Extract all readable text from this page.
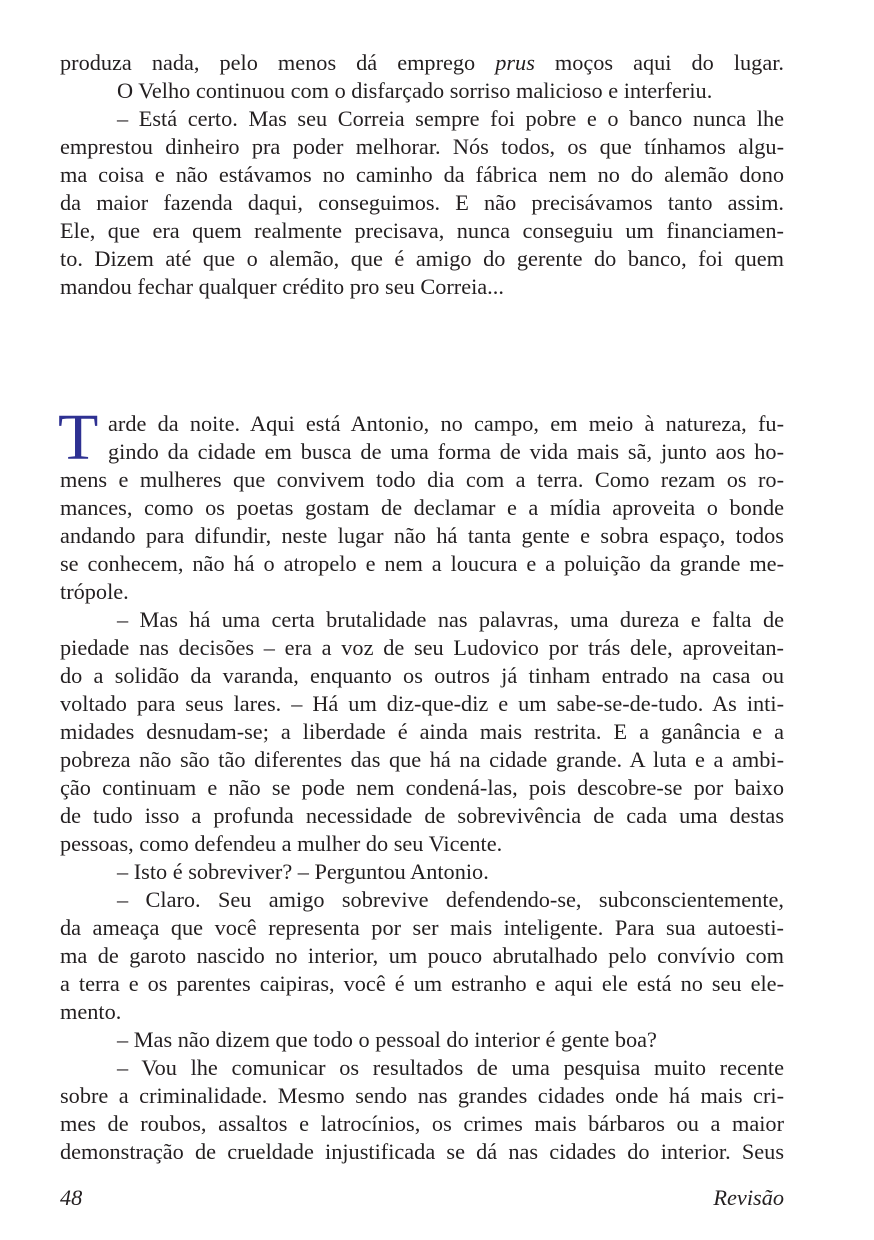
produza nada, pelo menos dá emprego prus moços aqui do lugar.
O Velho continuou com o disfarçado sorriso malicioso e interferiu.
– Está certo. Mas seu Correia sempre foi pobre e o banco nunca lhe
emprestou dinheiro pra poder melhorar. Nós todos, os que tínhamos algu-
ma coisa e não estávamos no caminho da fábrica nem no do alemão dono
da maior fazenda daqui, conseguimos. E não precisávamos tanto assim.
Ele, que era quem realmente precisava, nunca conseguiu um financiamen-
to. Dizem até que o alemão, que é amigo do gerente do banco, foi quem
mandou fechar qualquer crédito pro seu Correia...
T arde da noite. Aqui está Antonio, no campo, em meio à natureza, fu-
gindo da cidade em busca de uma forma de vida mais sã, junto aos ho-
mens e mulheres que convivem todo dia com a terra. Como rezam os ro-
mances, como os poetas gostam de declamar e a mídia aproveita o bonde
andando para difundir, neste lugar não há tanta gente e sobra espaço, todos
se conhecem, não há o atropelo e nem a loucura e a poluição da grande me-
trópole.
– Mas há uma certa brutalidade nas palavras, uma dureza e falta de
piedade nas decisões – era a voz de seu Ludovico por trás dele, aproveitan-
do a solidão da varanda, enquanto os outros já tinham entrado na casa ou
voltado para seus lares. – Há um diz-que-diz e um sabe-se-de-tudo. As inti-
midades desnudam-se; a liberdade é ainda mais restrita. E a ganância e a
pobreza não são tão diferentes das que há na cidade grande. A luta e a ambi-
ção continuam e não se pode nem condená-las, pois descobre-se por baixo
de tudo isso a profunda necessidade de sobrevivência de cada uma destas
pessoas, como defendeu a mulher do seu Vicente.
– Isto é sobreviver? – Perguntou Antonio.
– Claro. Seu amigo sobrevive defendendo-se, subconscientemente,
da ameaça que você representa por ser mais inteligente. Para sua autoesti-
ma de garoto nascido no interior, um pouco abrutalhado pelo convívio com
a terra e os parentes caipiras, você é um estranho e aqui ele está no seu ele-
mento.
– Mas não dizem que todo o pessoal do interior é gente boa?
– Vou lhe comunicar os resultados de uma pesquisa muito recente
sobre a criminalidade. Mesmo sendo nas grandes cidades onde há mais cri-
mes de roubos, assaltos e latrocínios, os crimes mais bárbaros ou a maior
demonstração de crueldade injustificada se dá nas cidades do interior. Seus
48	Revisão
